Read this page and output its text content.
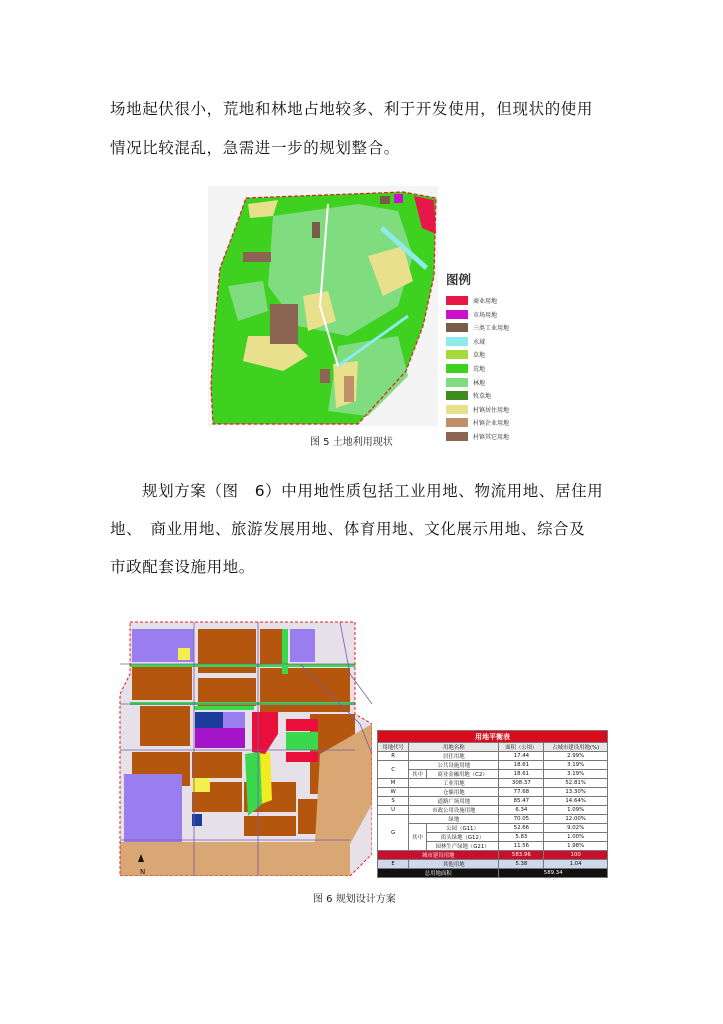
场地起伏很小，荒地和林地占地较多、利于开发使用，但现状的使用
情况比较混乱，急需进一步的规划整合。
图例
商业用地
市场用地
三类工业用地
水域
草地
荒地
林地
牧草地
村镇居住用地
村镇企业用地
村镇其它用地
图 5 土地利用现状
规划方案（图　6）中用地性质包括工业用地、物流用地、居住用
地、　商业用地、旅游发展用地、体育用地、文化展示用地、综合及
市政配套设施用地。
N
用地平衡表				
用地代号	用地名称		面积（公顷）	占城市建设用地(%)
R	居住用地		17.44	2.99%
C	公共设施用地		18.61	3.19%
	其中	商业金融用地（C2）	18.61	3.19%
M	工业用地		308.37	52.81%
W	仓储用地		77.68	13.30%
S	道路广场用地		85.47	14.64%
U	市政公用设施用地		6.34	1.09%
G	绿地		70.05	12.00%
	其中	公园（G11）	52.66	9.02%
		街头绿地（G12）	5.83	1.00%
		园林生产绿地（G21）	11.56	1.98%
城市建设用地			583.96	100
E	其他用地		5.38	1.04
总用地面积			589.34	
图 6 规划设计方案
